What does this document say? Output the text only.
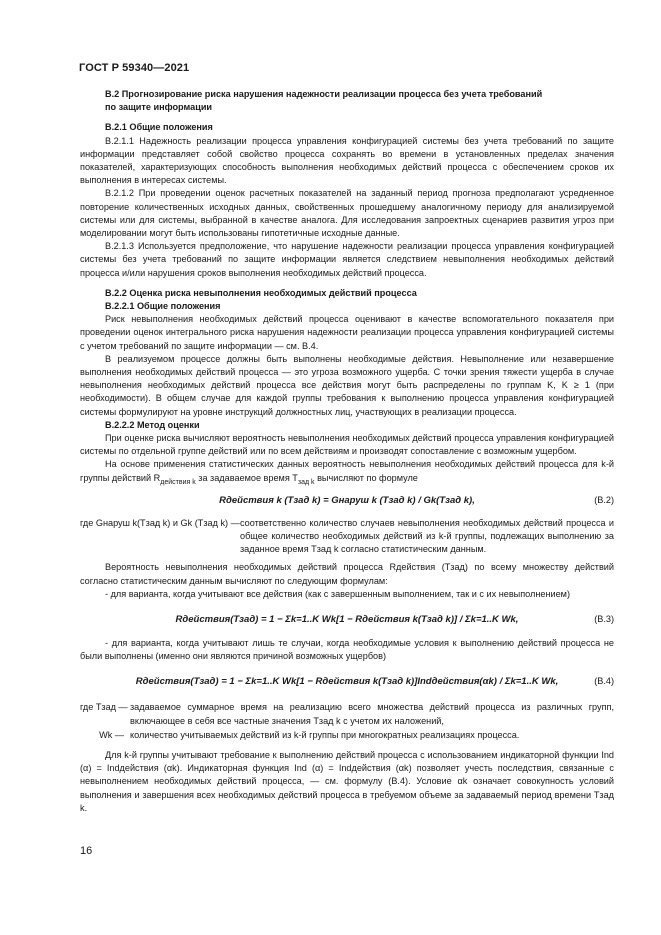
ГОСТ Р 59340—2021

В.2 Прогнозирование риска нарушения надежности реализации процесса без учета требований

по защите информации

В.2.1 Общие положения

В.2.1.1 Надежность реализации процесса управления конфигурацией системы без учета требований по защите информации представляет собой свойство процесса сохранять во времени в установленных пределах значения показателей, характеризующих способность выполнения необходимых действий процесса с обеспечением сроков их выполнения в интересах системы.

В.2.1.2 При проведении оценок расчетных показателей на заданный период прогноза предполагают усредненное повторение количественных исходных данных, свойственных прошедшему аналогичному периоду для анализируемой системы или для системы, выбранной в качестве аналога. Для исследования запроектных сценариев развития угроз при моделировании могут быть использованы гипотетичные исходные данные.

В.2.1.3 Используется предположение, что нарушение надежности реализации процесса управления конфигурацией системы без учета требований по защите информации является следствием невыполнения необходимых действий процесса и/или нарушения сроков выполнения необходимых действий процесса.

В.2.2 Оценка риска невыполнения необходимых действий процесса

В.2.2.1 Общие положения

Риск невыполнения необходимых действий процесса оценивают в качестве вспомогательного показателя при проведении оценок интегрального риска нарушения надежности реализации процесса управления конфигурацией системы с учетом требований по защите информации — см. В.4.

В реализуемом процессе должны быть выполнены необходимые действия. Невыполнение или незавершение выполнения необходимых действий процесса — это угроза возможного ущерба. С точки зрения тяжести ущерба в случае невыполнения необходимых действий процесса все действия могут быть распределены по группам K, K ≥ 1 (при необходимости). В общем случае для каждой группы требования к выполнению процесса управления конфигурацией системы формулируют на уровне инструкций должностных лиц, участвующих в реализации процесса.

В.2.2.2 Метод оценки

При оценке риска вычисляют вероятность невыполнения необходимых действий процесса управления конфигурацией системы по отдельной группе действий или по всем действиям и производят сопоставление с возможным ущербом.

На основе применения статистических данных вероятность невыполнения необходимых действий процесса для k-й группы действий $R_{действия k}$ за задаваемое время $T_{зад k}$ вычисляют по формуле

Rдействия k (Tзад k) = Gнаруш k (Tзад k) / Gk(Tзад k),	(В.2)
где Gнаруш k(Tзад k) и Gk (Tзад k) — соответственно количество случаев невыполнения необходимых действий процесса и общее количество необходимых действий из k-й группы, подлежащих выполнению за заданное время Tзад k согласно статистическим данным.

Вероятность невыполнения необходимых действий процесса Rдействия (Tзад) по всему множеству действий согласно статистическим данным вычисляют по следующим формулам:

- для варианта, когда учитывают все действия (как с завершенным выполнением, так и с их невыполнением)

Rдействия(Tзад) = 1 − Σk=1..K Wk[1 − Rдействия k(Tзад k)] / Σk=1..K Wk,	(В.3)

- для варианта, когда учитывают лишь те случаи, когда необходимые условия к выполнению действий процесса не были выполнены (именно они являются причиной возможных ущербов)

Rдействия(Tзад) = 1 − Σk=1..K Wk[1 − Rдействия k(Tзад k)]Indдействия(αk) / Σk=1..K Wk,	(В.4)
где Tзад — задаваемое суммарное время на реализацию всего множества действий процесса из различных групп, включающее в себя все частные значения Tзад k с учетом их наложений,
Wk — количество учитываемых действий из k-й группы при многократных реализациях процесса.

Для k-й группы учитывают требование к выполнению действий процесса с использованием индикаторной функции Ind (α) = Indдействия (αk). Индикаторная функция Ind (α) = Indдействия (αk) позволяет учесть последствия, связанные с невыполнением необходимых действий процесса, — см. формулу (В.4). Условие αk означает совокупность условий выполнения и завершения всех необходимых действий процесса в требуемом объеме за задаваемый период времени Tзад k.

16
